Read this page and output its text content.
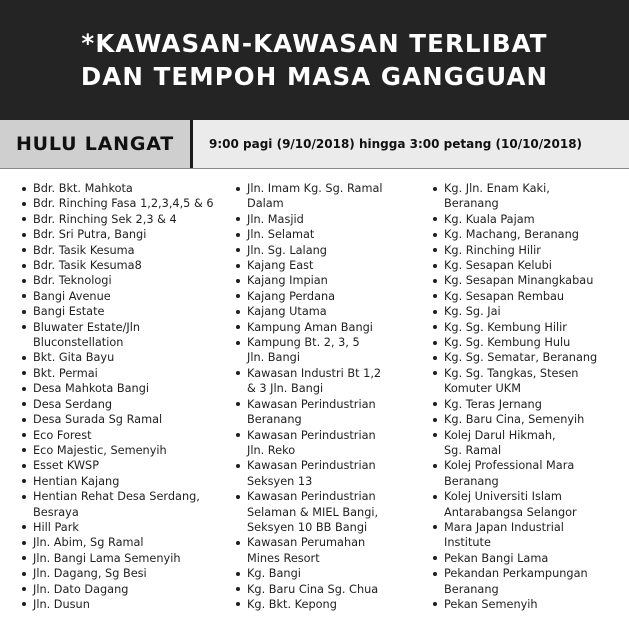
*KAWASAN-KAWASAN TERLIBAT
DAN TEMPOH MASA GANGGUAN
HULU LANGAT	9:00 pagi (9/10/2018) hingga 3:00 petang (10/10/2018)
Bdr. Bkt. Mahkota
Bdr. Rinching Fasa 1,2,3,4,5 & 6
Bdr. Rinching Sek 2,3 & 4
Bdr. Sri Putra, Bangi
Bdr. Tasik Kesuma
Bdr. Tasik Kesuma8
Bdr. Teknologi
Bangi Avenue
Bangi Estate
Bluwater Estate/Jln
Bluconstellation
Bkt. Gita Bayu
Bkt. Permai
Desa Mahkota Bangi
Desa Serdang
Desa Surada Sg Ramal
Eco Forest
Eco Majestic, Semenyih
Esset KWSP
Hentian Kajang
Hentian Rehat Desa Serdang,
Besraya
Hill Park
Jln. Abim, Sg Ramal
Jln. Bangi Lama Semenyih
Jln. Dagang, Sg Besi
Jln. Dato Dagang
Jln. Dusun
Jln. Imam Kg. Sg. Ramal
Dalam
Jln. Masjid
Jln. Selamat
Jln. Sg. Lalang
Kajang East
Kajang Impian
Kajang Perdana
Kajang Utama
Kampung Aman Bangi
Kampung Bt. 2, 3, 5
Jln. Bangi
Kawasan Industri Bt 1,2
& 3 Jln. Bangi
Kawasan Perindustrian
Beranang
Kawasan Perindustrian
Jln. Reko
Kawasan Perindustrian
Seksyen 13
Kawasan Perindustrian
Selaman & MIEL Bangi,
Seksyen 10 BB Bangi
Kawasan Perumahan
Mines Resort
Kg. Bangi
Kg. Baru Cina Sg. Chua
Kg. Bkt. Kepong
Kg. Jln. Enam Kaki,
Beranang
Kg. Kuala Pajam
Kg. Machang, Beranang
Kg. Rinching Hilir
Kg. Sesapan Kelubi
Kg. Sesapan Minangkabau
Kg. Sesapan Rembau
Kg. Sg. Jai
Kg. Sg. Kembung Hilir
Kg. Sg. Kembung Hulu
Kg. Sg. Sematar, Beranang
Kg. Sg. Tangkas, Stesen
Komuter UKM
Kg. Teras Jernang
Kg. Baru Cina, Semenyih
Kolej Darul Hikmah,
Sg. Ramal
Kolej Professional Mara
Beranang
Kolej Universiti Islam
Antarabangsa Selangor
Mara Japan Industrial
Institute
Pekan Bangi Lama
Pekandan Perkampungan
Beranang
Pekan Semenyih
